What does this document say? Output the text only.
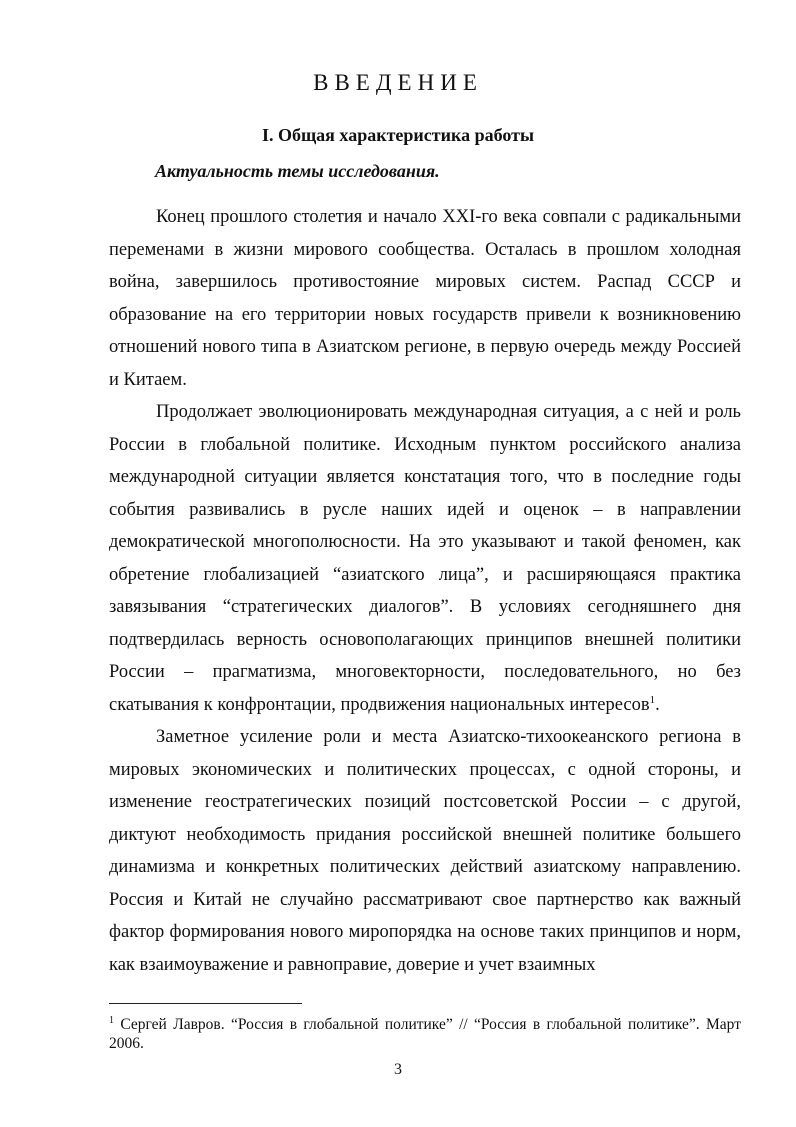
ВВЕДЕНИЕ
I. Общая характеристика работы
Актуальность темы исследования.

Конец прошлого столетия и начало XXI-го века совпали с радикальными переменами в жизни мирового сообщества. Осталась в прошлом холодная война, завершилось противостояние мировых систем. Распад СССР и образование на его территории новых государств привели к возникновению отношений нового типа в Азиатском регионе, в первую очередь между Россией и Китаем.

Продолжает эволюционировать международная ситуация, а с ней и роль России в глобальной политике. Исходным пунктом российского анализа международной ситуации является констатация того, что в последние годы события развивались в русле наших идей и оценок – в направлении демократической многополюсности. На это указывают и такой феномен, как обретение глобализацией “азиатского лица”, и расширяющаяся практика завязывания “стратегических диалогов”. В условиях сегодняшнего дня подтвердилась верность основополагающих принципов внешней политики России – прагматизма, многовекторности, последовательного, но без скатывания к конфронтации, продвижения национальных интересов$^1$.

Заметное усиление роли и места Азиатско-тихоокеанского региона в мировых экономических и политических процессах, с одной стороны, и изменение геостратегических позиций постсоветской России – с другой, диктуют необходимость придания российской внешней политике большего динамизма и конкретных политических действий азиатскому направлению. Россия и Китай не случайно рассматривают свое партнерство как важный фактор формирования нового миропорядка на основе таких принципов и норм, как взаимоуважение и равноправие, доверие и учет взаимных

$^1$ Сергей Лавров. “Россия в глобальной политике” // “Россия в глобальной политике”. Март 2006.
3
